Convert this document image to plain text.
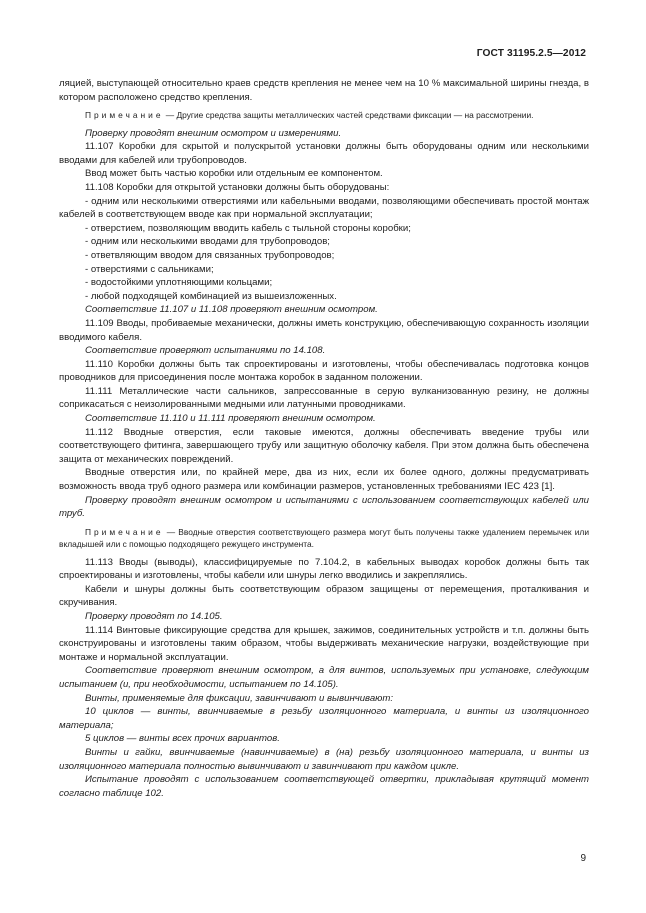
ГОСТ 31195.2.5—2012

ляцией, выступающей относительно краев средств крепления не менее чем на 10 % максимальной ширины гнезда, в котором расположено средство крепления.

Примечание — Другие средства защиты металлических частей средствами фиксации — на рассмотрении.

Проверку проводят внешним осмотром и измерениями.

11.107 Коробки для скрытой и полускрытой установки должны быть оборудованы одним или несколькими вводами для кабелей или трубопроводов.

Ввод может быть частью коробки или отдельным ее компонентом.

11.108 Коробки для открытой установки должны быть оборудованы:

- одним или несколькими отверстиями или кабельными вводами, позволяющими обеспечивать простой монтаж кабелей в соответствующем вводе как при нормальной эксплуатации;

- отверстием, позволяющим вводить кабель с тыльной стороны коробки;

- одним или несколькими вводами для трубопроводов;

- ответвляющим вводом для связанных трубопроводов;

- отверстиями с сальниками;

- водостойкими уплотняющими кольцами;

- любой подходящей комбинацией из вышеизложенных.

Соответствие 11.107 и 11.108 проверяют внешним осмотром.

11.109 Вводы, пробиваемые механически, должны иметь конструкцию, обеспечивающую сохранность изоляции вводимого кабеля.

Соответствие проверяют испытаниями по 14.108.

11.110 Коробки должны быть так спроектированы и изготовлены, чтобы обеспечивалась подготовка концов проводников для присоединения после монтажа коробок в заданном положении.

11.111 Металлические части сальников, запрессованные в серую вулканизованную резину, не должны соприкасаться с неизолированными медными или латунными проводниками.

Соответствие 11.110 и 11.111 проверяют внешним осмотром.

11.112 Вводные отверстия, если таковые имеются, должны обеспечивать введение трубы или соответствующего фитинга, завершающего трубу или защитную оболочку кабеля. При этом должна быть обеспечена защита от механических повреждений.

Вводные отверстия или, по крайней мере, два из них, если их более одного, должны предусматривать возможность ввода труб одного размера или комбинации размеров, установленных требованиями IEC 423 [1].

Проверку проводят внешним осмотром и испытаниями с использованием соответствующих кабелей или труб.

Примечание — Вводные отверстия соответствующего размера могут быть получены также удалением перемычек или вкладышей или с помощью подходящего режущего инструмента.

11.113 Вводы (выводы), классифицируемые по 7.104.2, в кабельных выводах коробок должны быть так спроектированы и изготовлены, чтобы кабели или шнуры легко вводились и закреплялись.

Кабели и шнуры должны быть соответствующим образом защищены от перемещения, проталкивания и скручивания.

Проверку проводят по 14.105.

11.114 Винтовые фиксирующие средства для крышек, зажимов, соединительных устройств и т.п. должны быть сконструированы и изготовлены таким образом, чтобы выдерживать механические нагрузки, воздействующие при монтаже и нормальной эксплуатации.

Соответствие проверяют внешним осмотром, а для винтов, используемых при установке, следующим испытанием (и, при необходимости, испытанием по 14.105).

Винты, применяемые для фиксации, завинчивают и вывинчивают:

10 циклов — винты, ввинчиваемые в резьбу изоляционного материала, и винты из изоляционного материала;

5 циклов — винты всех прочих вариантов.

Винты и гайки, ввинчиваемые (навинчиваемые) в (на) резьбу изоляционного материала, и винты из изоляционного материала полностью вывинчивают и завинчивают при каждом цикле.

Испытание проводят с использованием соответствующей отвертки, прикладывая крутящий момент согласно таблице 102.

9
